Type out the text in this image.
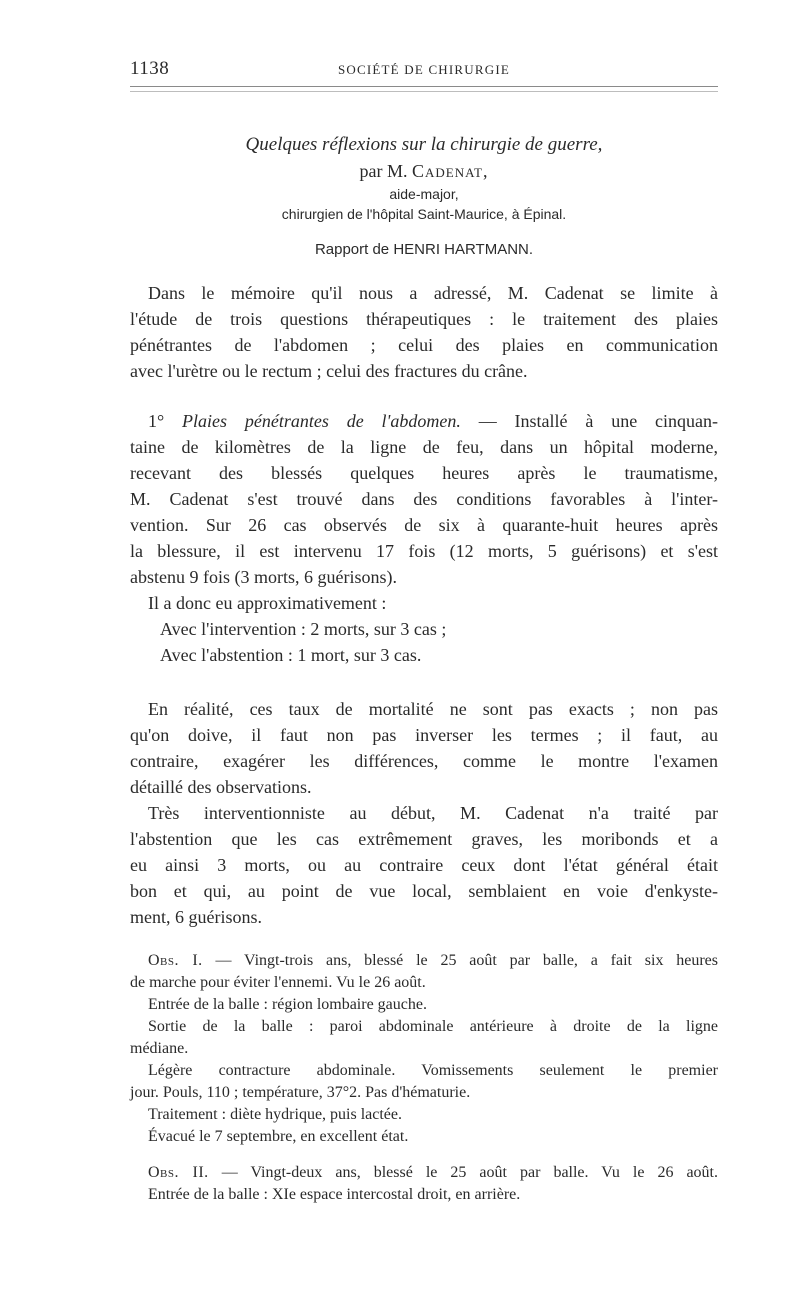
1138	SOCIÉTÉ DE CHIRURGIE
Quelques réflexions sur la chirurgie de guerre,
par M. Cadenat,
aide-major,
chirurgien de l'hôpital Saint-Maurice, à Épinal.
Rapport de HENRI HARTMANN.
Dans le mémoire qu'il nous a adressé, M. Cadenat se limite à
l'étude de trois questions thérapeutiques : le traitement des plaies
pénétrantes de l'abdomen ; celui des plaies en communication
avec l'urètre ou le rectum ; celui des fractures du crâne.
1° Plaies pénétrantes de l'abdomen. — Installé à une cinquan-
taine de kilomètres de la ligne de feu, dans un hôpital moderne,
recevant des blessés quelques heures après le traumatisme,
M. Cadenat s'est trouvé dans des conditions favorables à l'inter-
vention. Sur 26 cas observés de six à quarante-huit heures après
la blessure, il est intervenu 17 fois (12 morts, 5 guérisons) et s'est
abstenu 9 fois (3 morts, 6 guérisons).
Il a donc eu approximativement :
Avec l'intervention : 2 morts, sur 3 cas ;
Avec l'abstention : 1 mort, sur 3 cas.
En réalité, ces taux de mortalité ne sont pas exacts ; non pas
qu'on doive, il faut non pas inverser les termes ; il faut, au
contraire, exagérer les différences, comme le montre l'examen
détaillé des observations.
Très interventionniste au début, M. Cadenat n'a traité par
l'abstention que les cas extrêmement graves, les moribonds et a
eu ainsi 3 morts, ou au contraire ceux dont l'état général était
bon et qui, au point de vue local, semblaient en voie d'enkyste-
ment, 6 guérisons.
Obs. I. — Vingt-trois ans, blessé le 25 août par balle, a fait six heures
de marche pour éviter l'ennemi. Vu le 26 août.
Entrée de la balle : région lombaire gauche.
Sortie de la balle : paroi abdominale antérieure à droite de la ligne
médiane.
Légère contracture abdominale. Vomissements seulement le premier
jour. Pouls, 110 ; température, 37°2. Pas d'hématurie.
Traitement : diète hydrique, puis lactée.
Évacué le 7 septembre, en excellent état.
Obs. II. — Vingt-deux ans, blessé le 25 août par balle. Vu le 26 août.
Entrée de la balle : XIe espace intercostal droit, en arrière.
